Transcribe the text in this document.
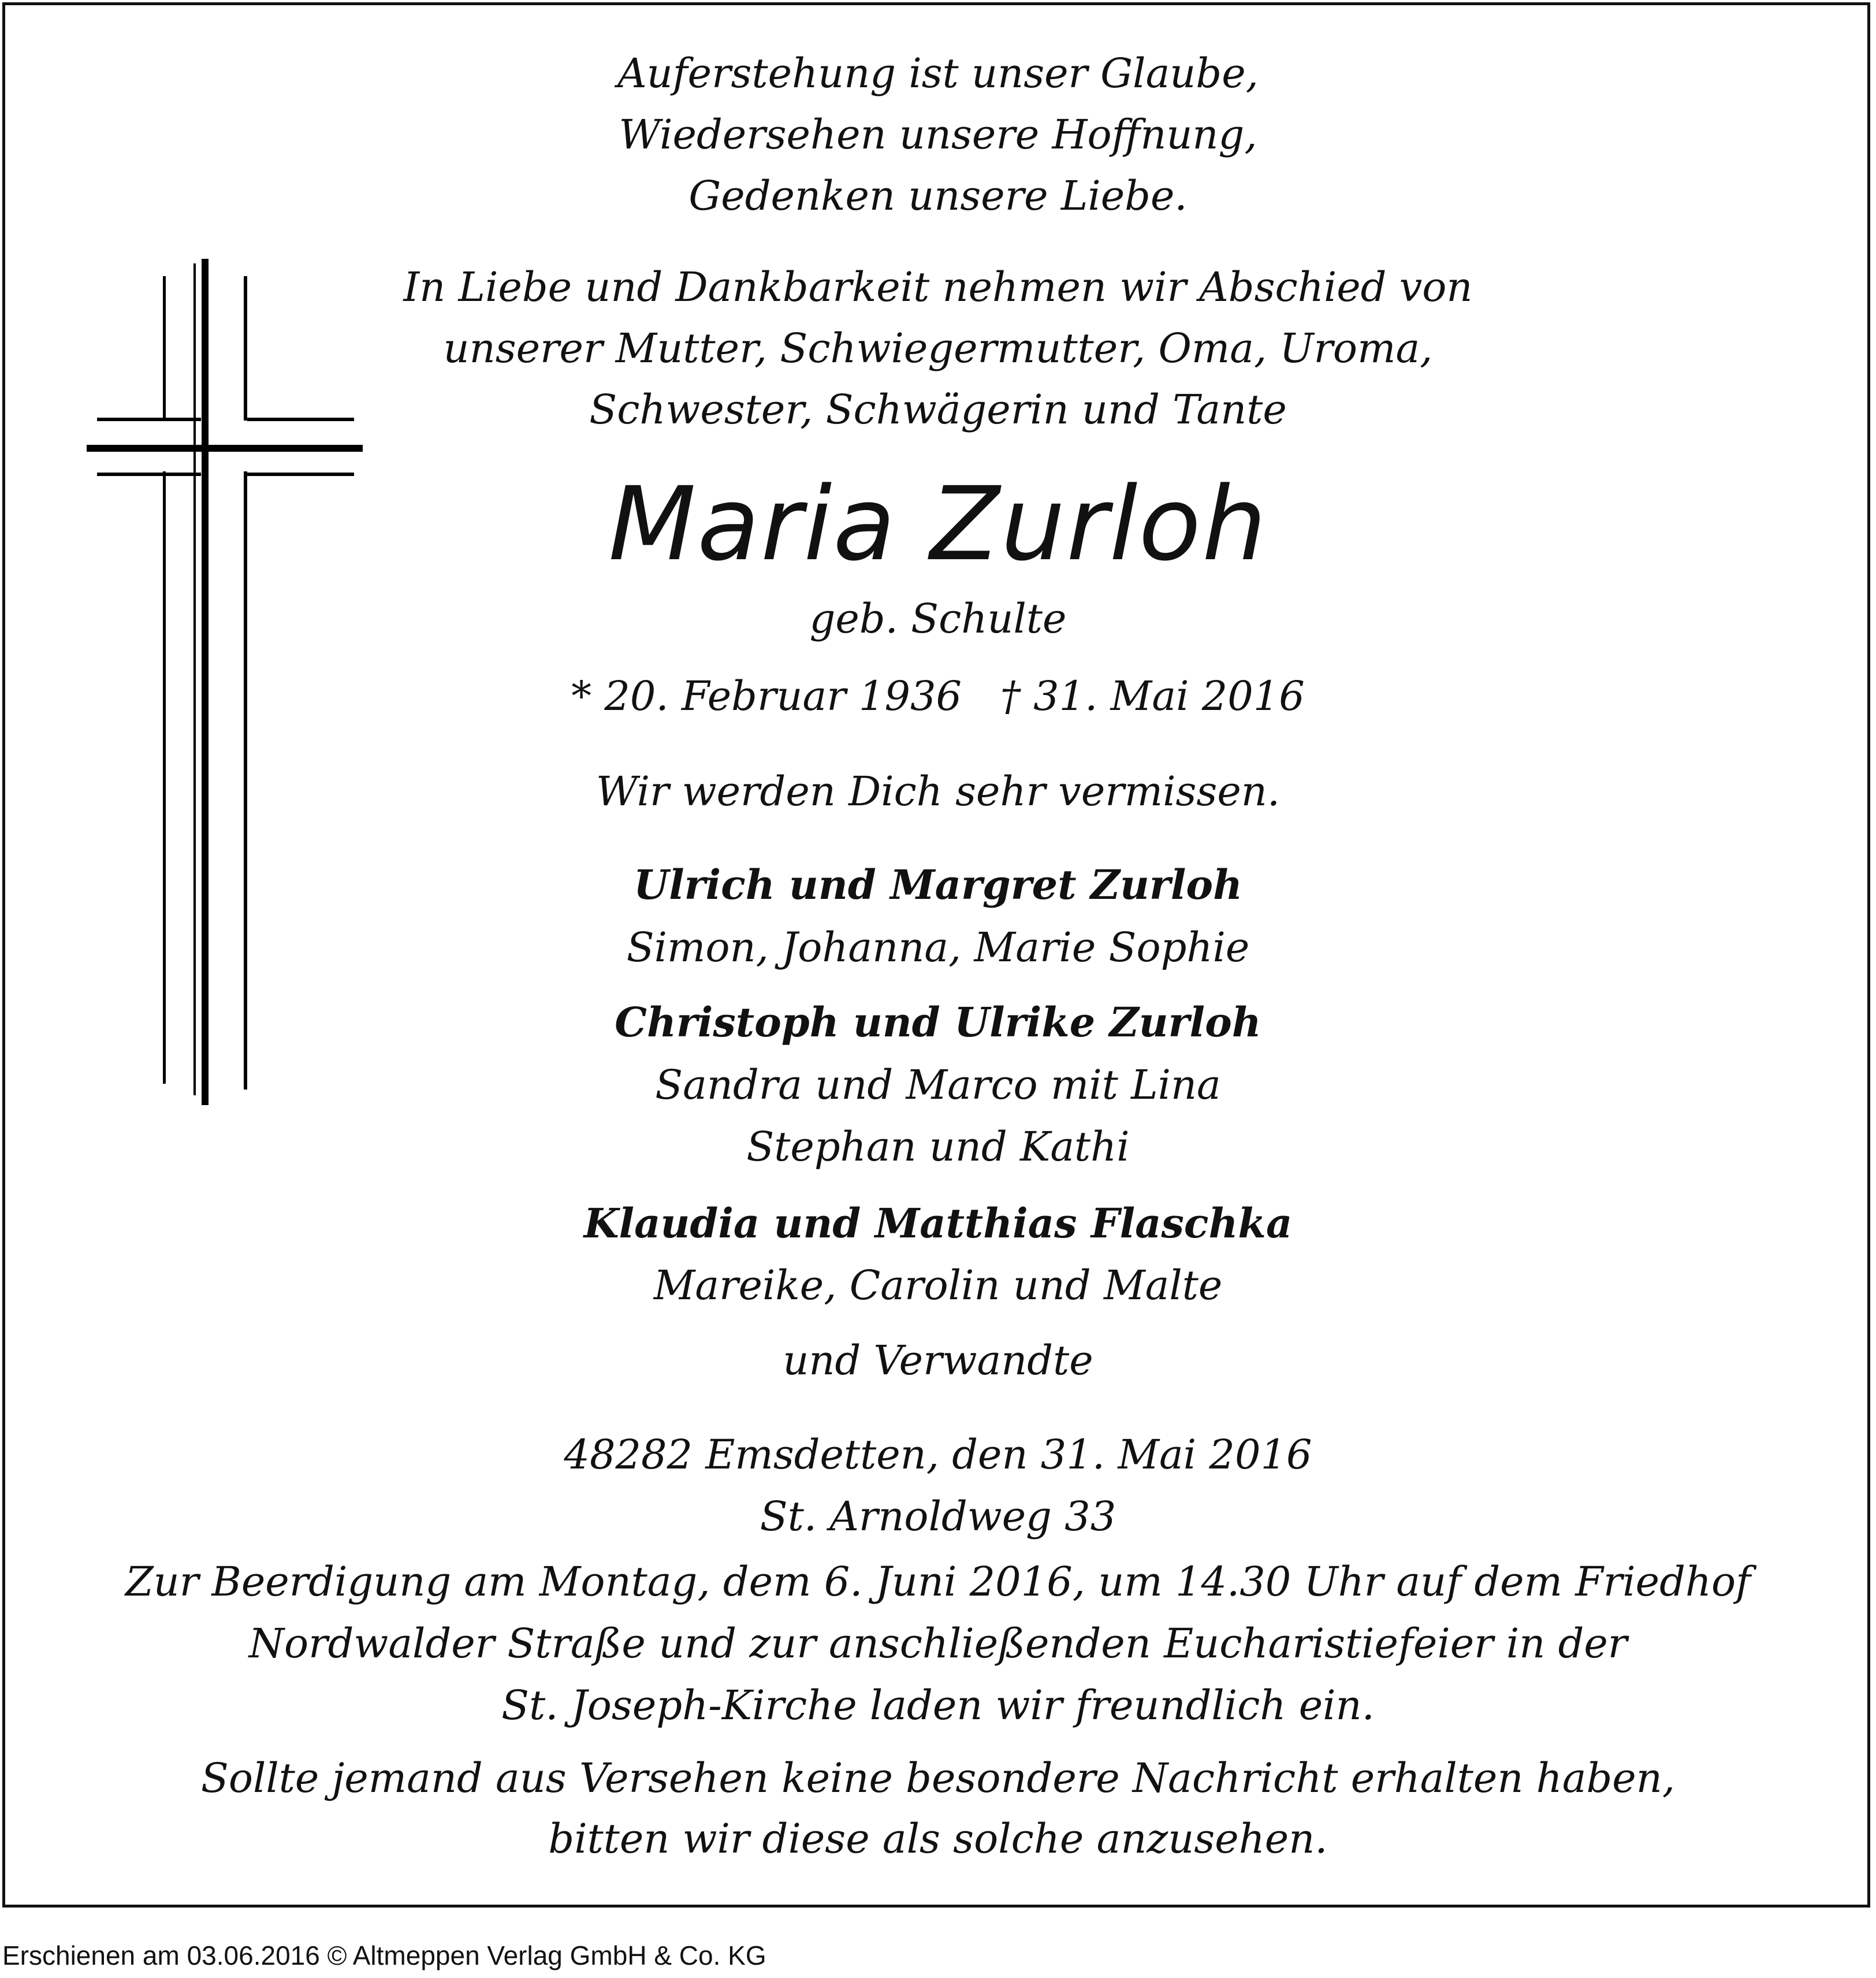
Auferstehung ist unser Glaube,
Wiedersehen unsere Hoffnung,
Gedenken unsere Liebe.
In Liebe und Dankbarkeit nehmen wir Abschied von
unserer Mutter, Schwiegermutter, Oma, Uroma,
Schwester, Schwägerin und Tante
Maria Zurloh
geb. Schulte
* 20. Februar 1936   † 31. Mai 2016
Wir werden Dich sehr vermissen.
Ulrich und Margret Zurloh
Simon, Johanna, Marie Sophie
Christoph und Ulrike Zurloh
Sandra und Marco mit Lina
Stephan und Kathi
Klaudia und Matthias Flaschka
Mareike, Carolin und Malte
und Verwandte
48282 Emsdetten, den 31. Mai 2016
St. Arnoldweg 33
Zur Beerdigung am Montag, dem 6. Juni 2016, um 14.30 Uhr auf dem Friedhof
Nordwalder Straße und zur anschließenden Eucharistiefeier in der
St. Joseph-Kirche laden wir freundlich ein.
Sollte jemand aus Versehen keine besondere Nachricht erhalten haben,
bitten wir diese als solche anzusehen.
Erschienen am 03.06.2016 © Altmeppen Verlag GmbH & Co. KG
